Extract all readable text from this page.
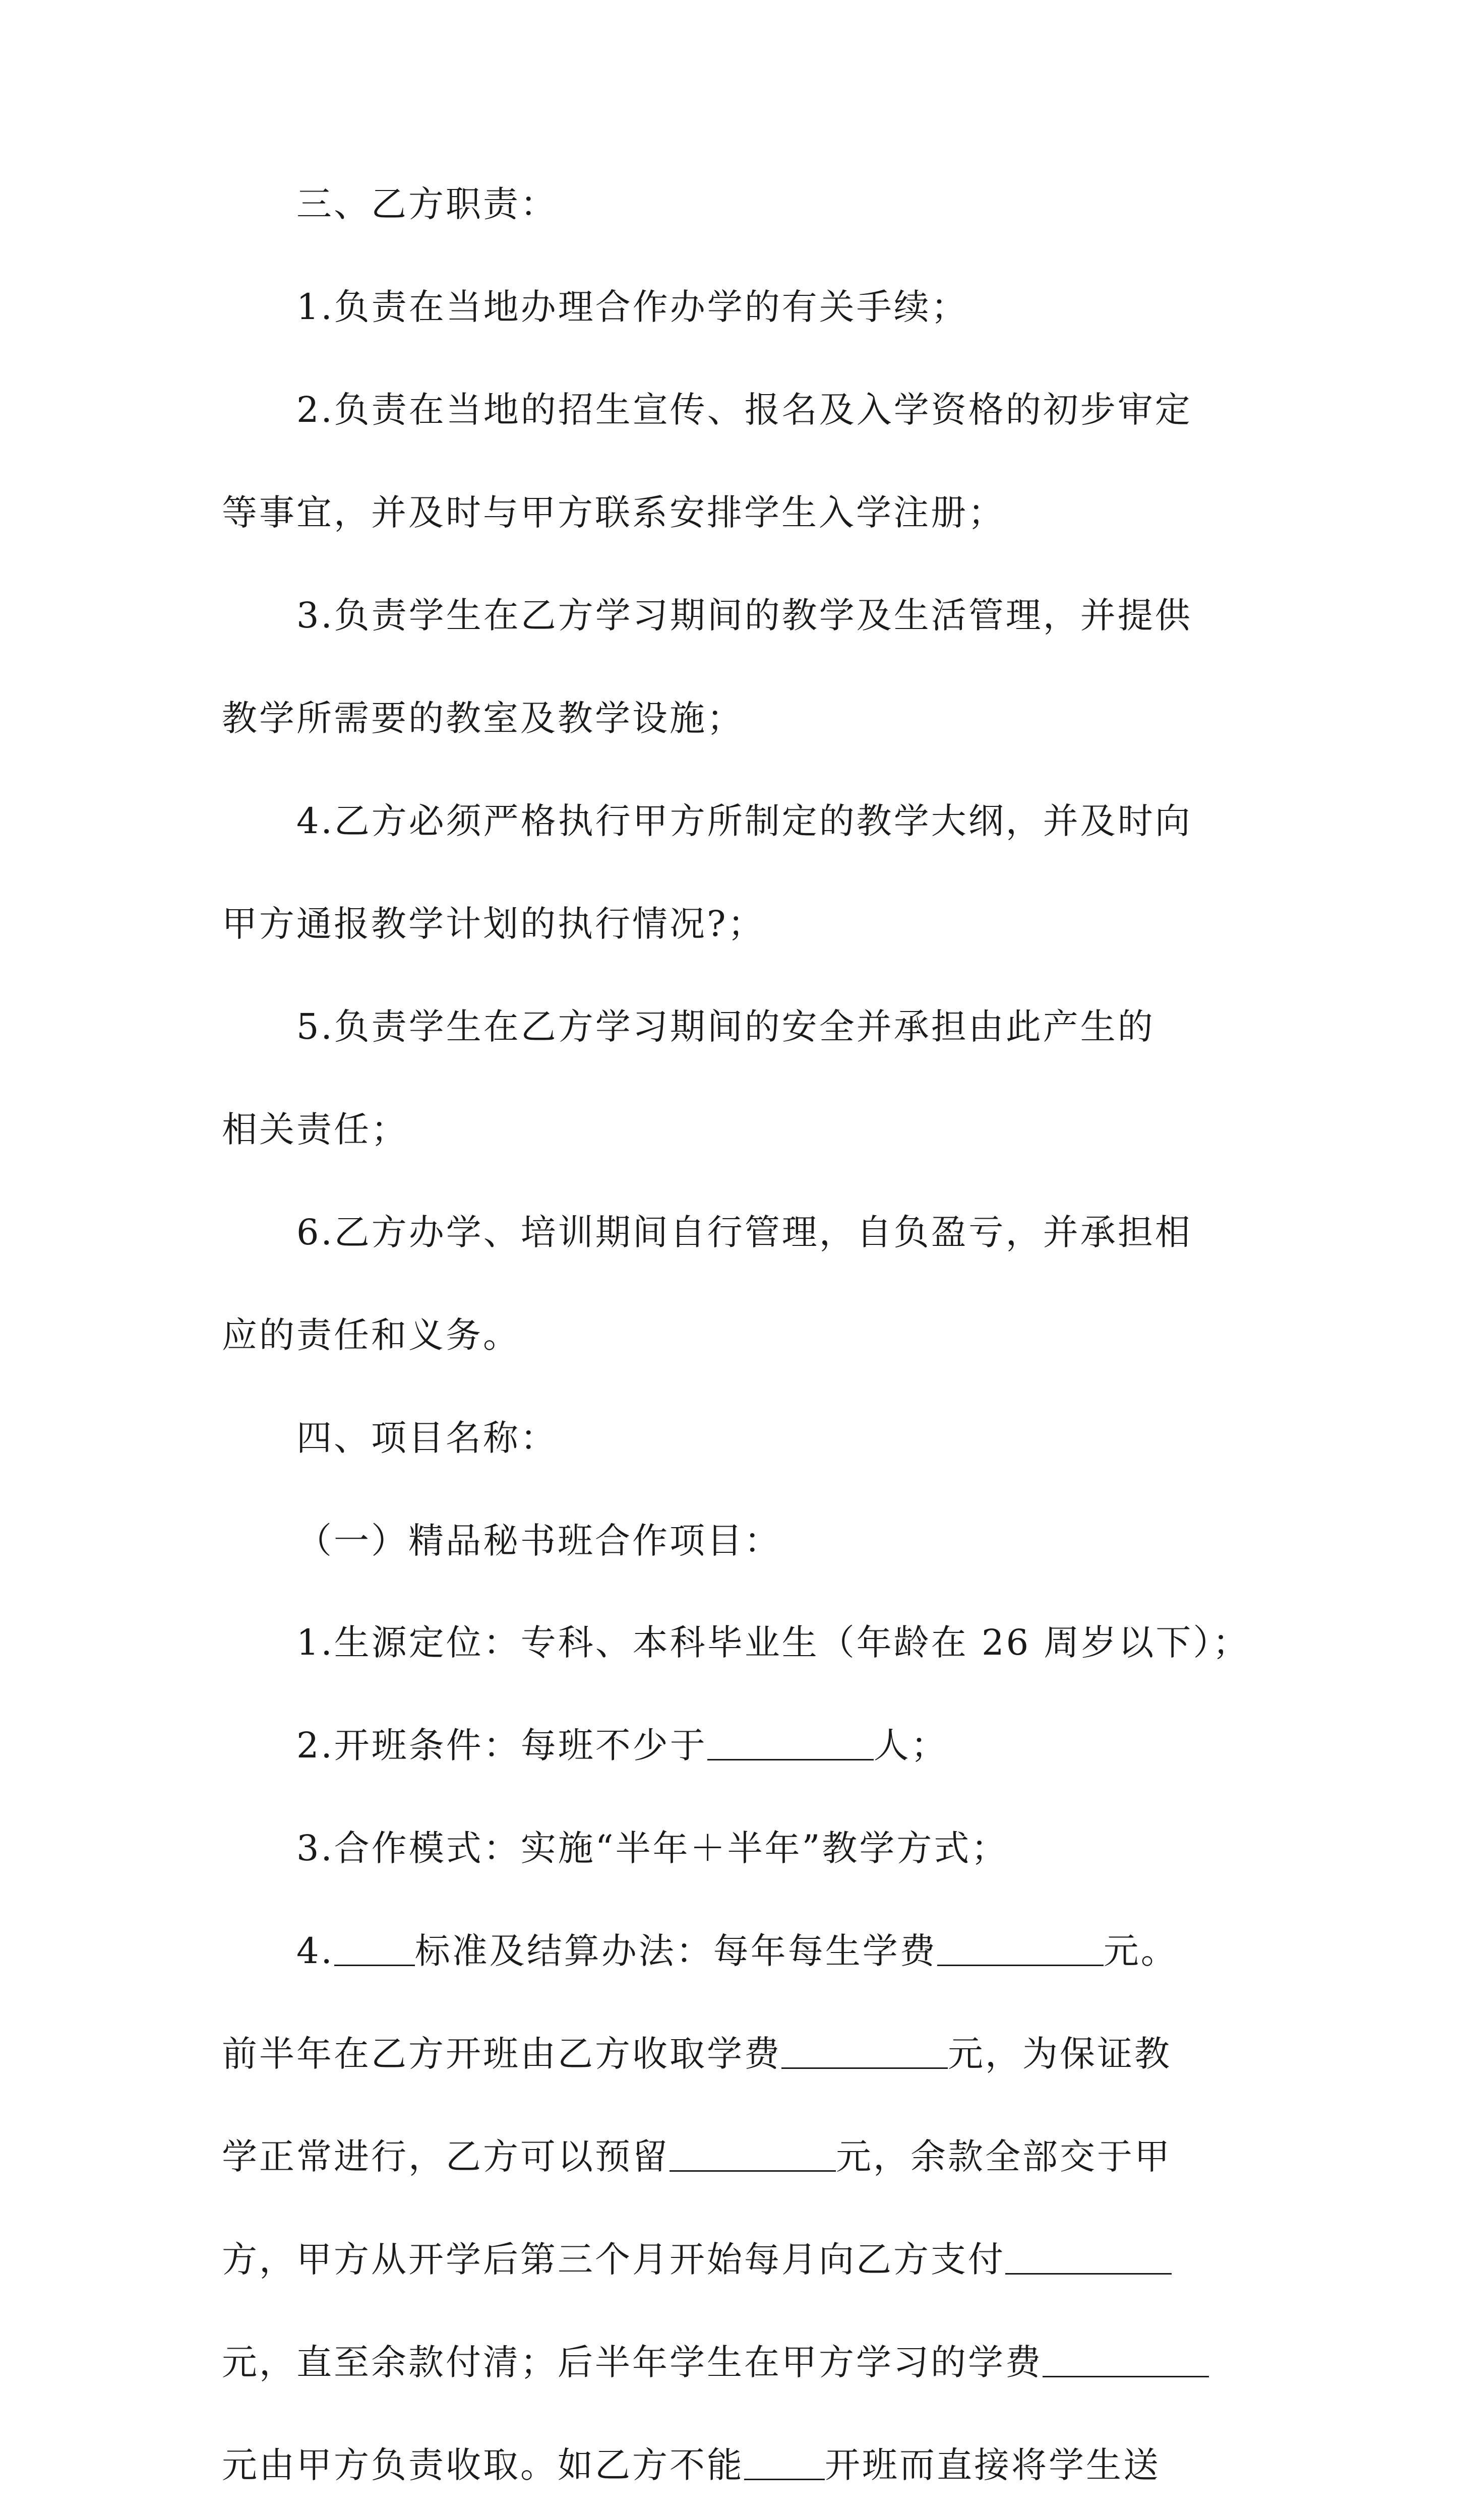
三、乙方职责：
1.负责在当地办理合作办学的有关手续；
2.负责在当地的招生宣传、报名及入学资格的初步审定
等事宜，并及时与甲方联系安排学生入学注册；
3.负责学生在乙方学习期间的教学及生活管理，并提供
教学所需要的教室及教学设施；
4.乙方必须严格执行甲方所制定的教学大纲，并及时向
甲方通报教学计划的执行情况?；
5.负责学生在乙方学习期间的安全并承担由此产生的
相关责任；
6.乙方办学、培训期间自行管理，自负盈亏，并承担相
应的责任和义务。
四、项目名称：
（一）精品秘书班合作项目：
1.生源定位：专科、本科毕业生（年龄在 26 周岁以下）；
2.开班条件：每班不少于	人；
3.合作模式：实施“半年＋半年”教学方式；
4. 标准及结算办法：每年每生学费	元。
前半年在乙方开班由乙方收取学费	元，为保证教
学正常进行，乙方可以预留	元，余款全部交于甲
方，甲方从开学后第三个月开始每月向乙方支付
元，直至余款付清；后半年学生在甲方学习的学费
元由甲方负责收取。如乙方不能 开班而直接将学生送
